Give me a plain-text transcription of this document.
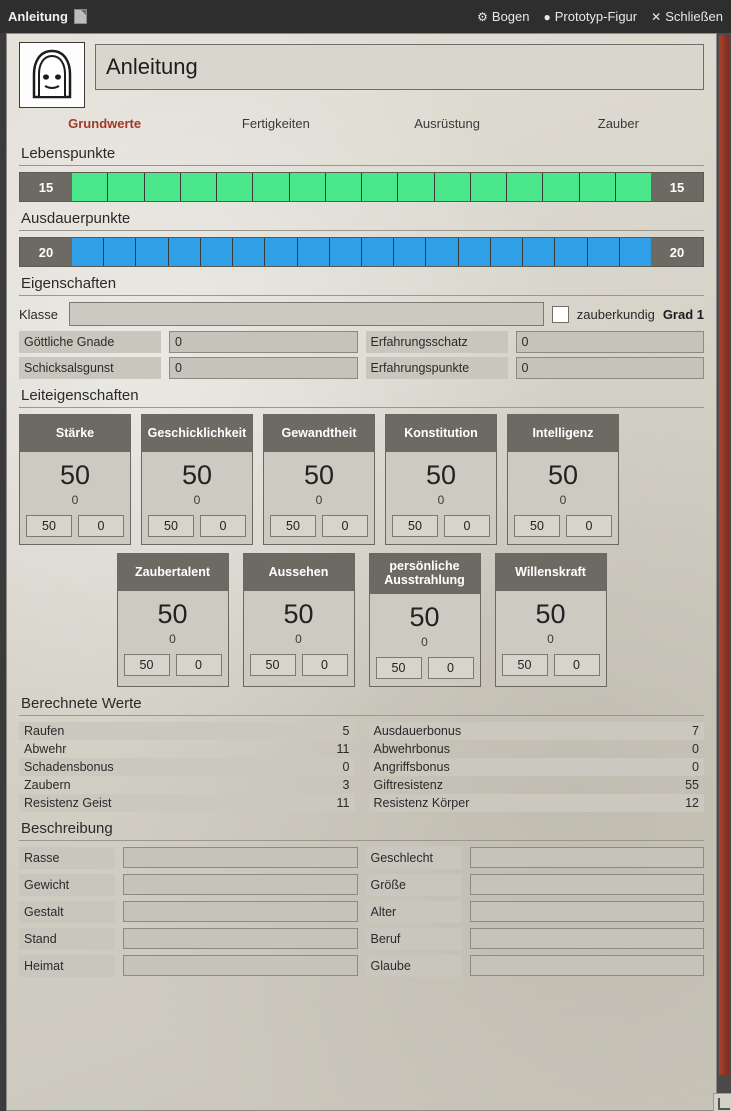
Anleitung	⚙ Bogen ● Prototyp-Figur ✕ Schließen
Anleitung
Grundwerte	Fertigkeiten	Ausrüstung	Zauber
Lebenspunkte
15	15
Ausdauerpunkte
20	20
Eigenschaften
Klasse	zauberkundig Grad 1
Göttliche Gnade	0	Erfahrungsschatz	0
Schicksalsgunst	0	Erfahrungspunkte	0
Leiteigenschaften
Stärke
50
0
50	0
Geschicklichkeit
50
0
50	0
Gewandtheit
50
0
50	0
Konstitution
50
0
50	0
Intelligenz
50
0
50	0
Zaubertalent
50
0
50	0
Aussehen
50
0
50	0
persönliche Ausstrahlung
50
0
50	0
Willenskraft
50
0
50	0
Berechnete Werte
Raufen	5 Ausdauerbonus	7
Abwehr	11 Abwehrbonus	0
Schadensbonus	0 Angriffsbonus	0
Zaubern	3 Giftresistenz	55
Resistenz Geist	11 Resistenz Körper	12
Beschreibung
Rasse	Geschlecht
Gewicht	Größe
Gestalt	Alter
Stand	Beruf
Heimat	Glaube
